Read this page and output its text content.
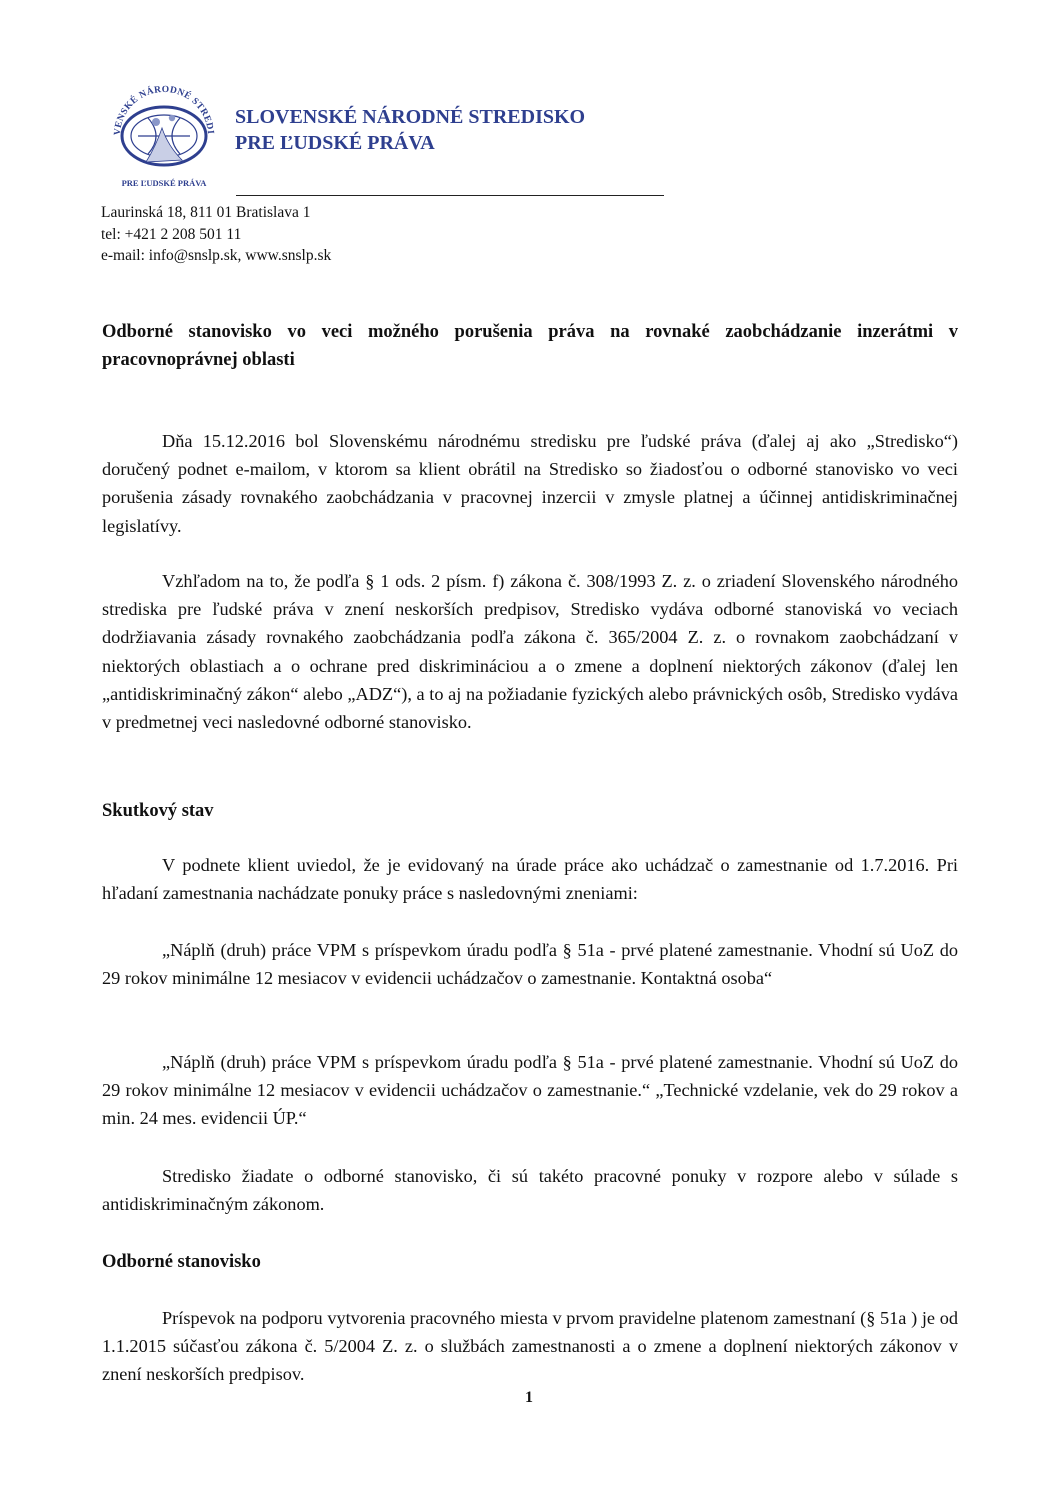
VENSKÉ NÁRODNÉ STREDI
PRE ĽUDSKÉ PRÁVA
SLOVENSKÉ NÁRODNÉ STREDISKO
PRE ĽUDSKÉ PRÁVA
Laurinská 18, 811 01 Bratislava 1
tel: +421 2 208 501 11
e-mail: info@snslp.sk, www.snslp.sk
Odborné stanovisko vo veci možného porušenia práva na rovnaké zaobchádzanie inzerátmi v pracovnoprávnej oblasti
Dňa 15.12.2016 bol Slovenskému národnému stredisku pre ľudské práva (ďalej aj ako „Stredisko“) doručený podnet e-mailom, v ktorom sa klient obrátil na Stredisko so žiadosťou o odborné stanovisko vo veci porušenia zásady rovnakého zaobchádzania v pracovnej inzercii v zmysle platnej a účinnej antidiskriminačnej legislatívy.
Vzhľadom na to, že podľa § 1 ods. 2 písm. f) zákona č. 308/1993 Z. z. o zriadení Slovenského národného strediska pre ľudské práva v znení neskorších predpisov, Stredisko vydáva odborné stanoviská vo veciach dodržiavania zásady rovnakého zaobchádzania podľa zákona č. 365/2004 Z. z. o rovnakom zaobchádzaní v niektorých oblastiach a o ochrane pred diskrimináciou a o zmene a doplnení niektorých zákonov (ďalej len „antidiskriminačný zákon“ alebo „ADZ“), a to aj na požiadanie fyzických alebo právnických osôb, Stredisko vydáva v predmetnej veci nasledovné odborné stanovisko.
Skutkový stav
V podnete klient uviedol, že je evidovaný na úrade práce ako uchádzač o zamestnanie od 1.7.2016. Pri hľadaní zamestnania nachádzate ponuky práce s nasledovnými zneniami:
„Náplň (druh) práce VPM s príspevkom úradu podľa § 51a - prvé platené zamestnanie. Vhodní sú UoZ do 29 rokov minimálne 12 mesiacov v evidencii uchádzačov o zamestnanie. Kontaktná osoba“
„Náplň (druh) práce VPM s príspevkom úradu podľa § 51a - prvé platené zamestnanie. Vhodní sú UoZ do 29 rokov minimálne 12 mesiacov v evidencii uchádzačov o zamestnanie.“ „Technické vzdelanie, vek do 29 rokov a min. 24 mes. evidencii ÚP.“
Stredisko žiadate o odborné stanovisko, či sú takéto pracovné ponuky v rozpore alebo v súlade s antidiskriminačným zákonom.
Odborné stanovisko
Príspevok na podporu vytvorenia pracovného miesta v prvom pravidelne platenom zamestnaní (§ 51a ) je od 1.1.2015 súčasťou zákona č. 5/2004 Z. z. o službách zamestnanosti a o zmene a doplnení niektorých zákonov v znení neskorších predpisov.
1
